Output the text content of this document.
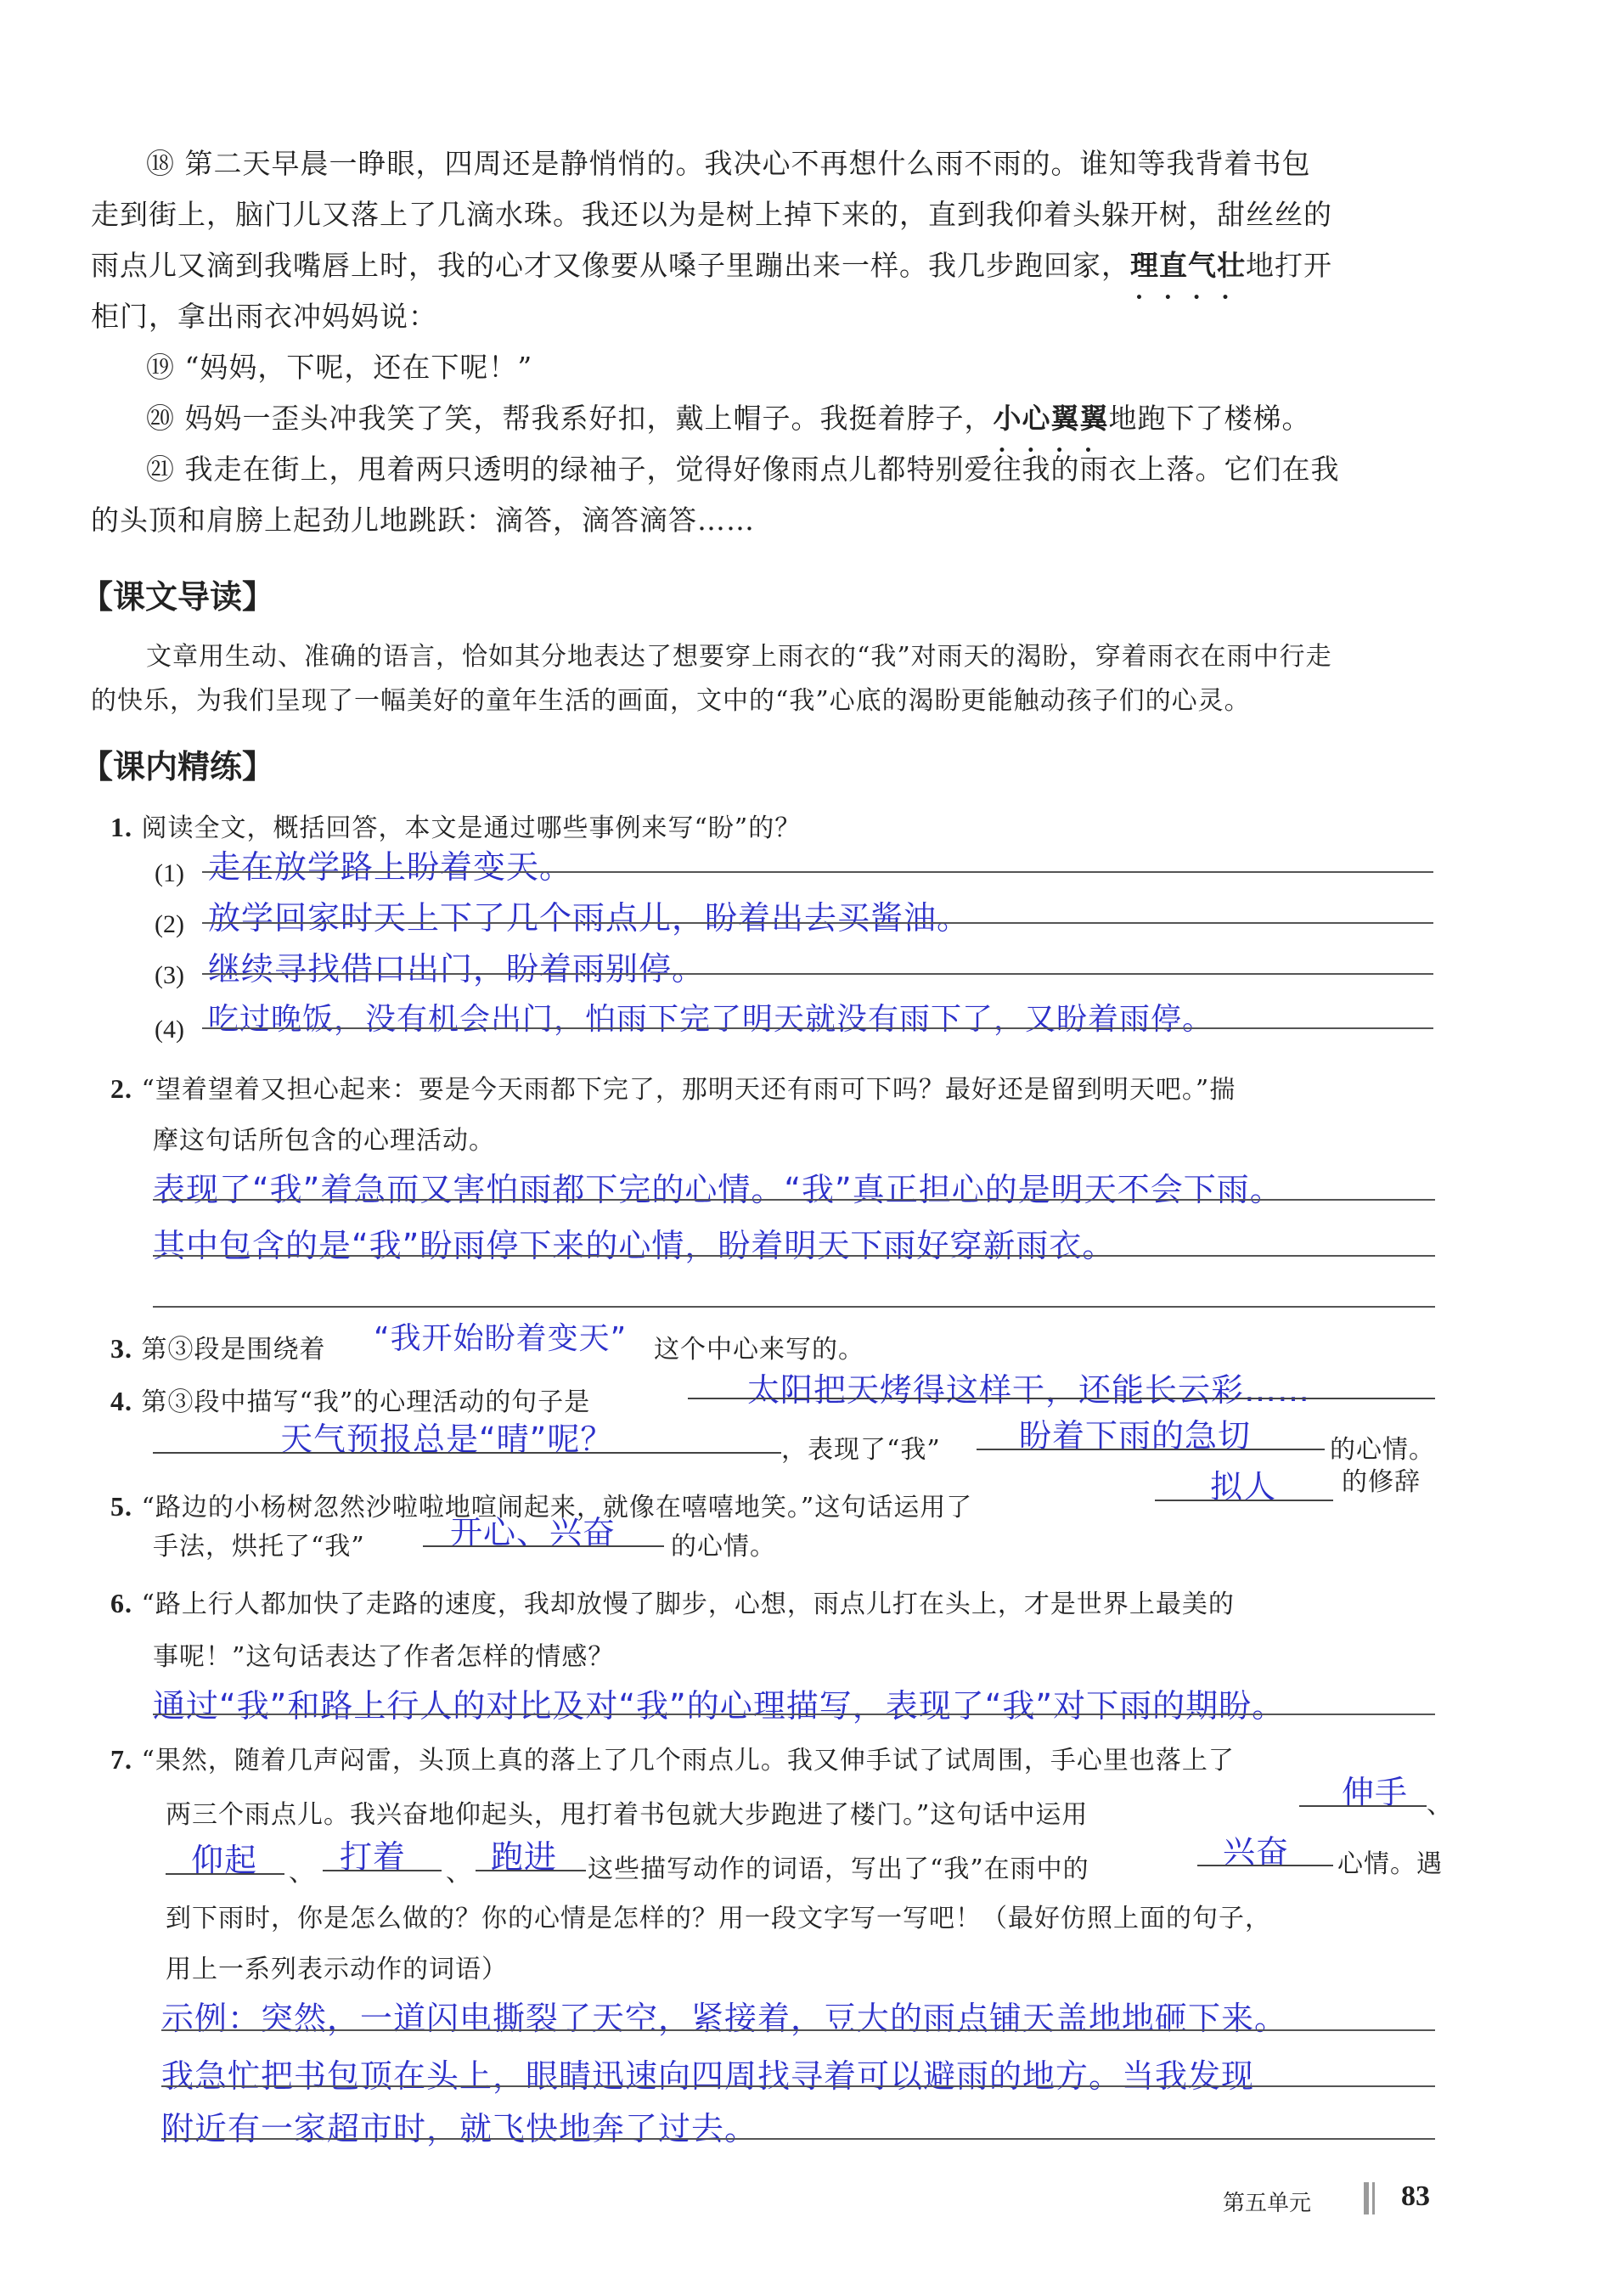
⑱ 第二天早晨一睁眼，四周还是静悄悄的。我决心不再想什么雨不雨的。谁知等我背着书包
走到街上，脑门儿又落上了几滴水珠。我还以为是树上掉下来的，直到我仰着头躲开树，甜丝丝的
雨点儿又滴到我嘴唇上时，我的心才又像要从嗓子里蹦出来一样。我几步跑回家，理直气壮 • • • •地打开
柜门，拿出雨衣冲妈妈说：
⑲ “妈妈，下呢，还在下呢！”
⑳ 妈妈一歪头冲我笑了笑，帮我系好扣，戴上帽子。我挺着脖子，小心翼翼 • • • •地跑下了楼梯。
㉑ 我走在街上，甩着两只透明的绿袖子，觉得好像雨点儿都特别爱往我的雨衣上落。它们在我
的头顶和肩膀上起劲儿地跳跃：滴答，滴答滴答……
【课文导读】
文章用生动、准确的语言，恰如其分地表达了想要穿上雨衣的“我”对雨天的渴盼，穿着雨衣在雨中行走
的快乐，为我们呈现了一幅美好的童年生活的画面，文中的“我”心底的渴盼更能触动孩子们的心灵。
【课内精练】
1. 阅读全文，概括回答，本文是通过哪些事例来写“盼”的？
(1) 走在放学路上盼着变天。
(2) 放学回家时天上下了几个雨点儿，盼着出去买酱油。
(3) 继续寻找借口出门，盼着雨别停。
(4) 吃过晚饭，没有机会出门，怕雨下完了明天就没有雨下了，又盼着雨停。
2. “望着望着又担心起来：要是今天雨都下完了，那明天还有雨可下吗？最好还是留到明天吧。”揣
摩这句话所包含的心理活动。
表现了“我”着急而又害怕雨都下完的心情。“我”真正担心的是明天不会下雨。
其中包含的是“我”盼雨停下来的心情，盼着明天下雨好穿新雨衣。
3. 第③段是围绕着 “我开始盼着变天” 这个中心来写的。
4. 第③段中描写“我”的心理活动的句子是	太阳把天烤得这样干，还能长云彩……
天气预报总是“晴”呢？	，表现了“我” 盼着下雨的急切	的心情。
5. “路边的小杨树忽然沙啦啦地喧闹起来，就像在嘻嘻地笑。”这句话运用了
拟人	的修辞
手法，烘托了“我”	开心、兴奋 的心情。
6. “路上行人都加快了走路的速度，我却放慢了脚步，心想，雨点儿打在头上，才是世界上最美的
事呢！”这句话表达了作者怎样的情感？
通过“我”和路上行人的对比及对“我”的心理描写，表现了“我”对下雨的期盼。
7. “果然，随着几声闷雷，头顶上真的落上了几个雨点儿。我又伸手试了试周围，手心里也落上了
两三个雨点儿。我兴奋地仰起头，甩打着书包就大步跑进了楼门。”这句话中运用
伸手 、
仰起 、 打着 、 跑进 这些描写动作的词语，写出了“我”在雨中的	兴奋 心情。遇
到下雨时，你是怎么做的？你的心情是怎样的？用一段文字写一写吧！（最好仿照上面的句子，
用上一系列表示动作的词语）
示例：突然，一道闪电撕裂了天空，紧接着，豆大的雨点铺天盖地地砸下来。
我急忙把书包顶在头上，眼睛迅速向四周找寻着可以避雨的地方。当我发现
附近有一家超市时，就飞快地奔了过去。
第五单元	83
